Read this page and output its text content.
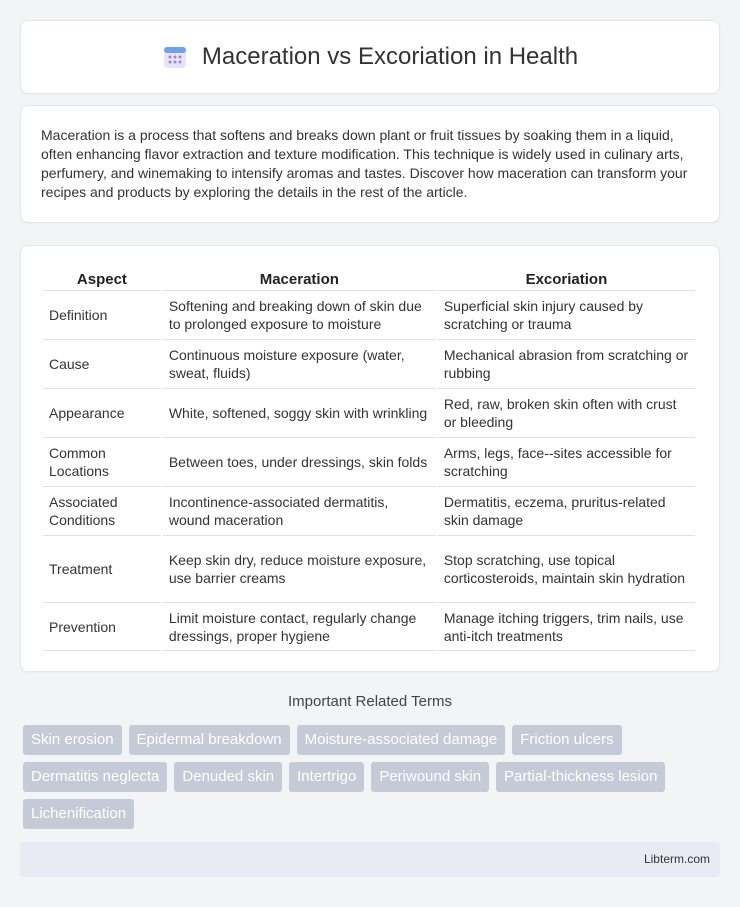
Maceration vs Excoriation in Health

Maceration is a process that softens and breaks down plant or fruit tissues by soaking them in a liquid, often enhancing flavor extraction and texture modification. This technique is widely used in culinary arts, perfumery, and winemaking to intensify aromas and tastes. Discover how maceration can transform your recipes and products by exploring the details in the rest of the article.

Aspect	Maceration	Excoriation
Definition	Softening and breaking down of skin due to prolonged exposure to moisture	Superficial skin injury caused by scratching or trauma
Cause	Continuous moisture exposure (water, sweat, fluids)	Mechanical abrasion from scratching or rubbing
Appearance	White, softened, soggy skin with wrinkling	Red, raw, broken skin often with crust or bleeding
Common Locations	Between toes, under dressings, skin folds	Arms, legs, face--sites accessible for scratching
Associated Conditions	Incontinence-associated dermatitis, wound maceration	Dermatitis, eczema, pruritus-related skin damage
Treatment	Keep skin dry, reduce moisture exposure, use barrier creams	Stop scratching, use topical corticosteroids, maintain skin hydration
Prevention	Limit moisture contact, regularly change dressings, proper hygiene	Manage itching triggers, trim nails, use anti-itch treatments
Important Related Terms
Skin erosion	Epidermal breakdown	Moisture-associated damage	Friction ulcers
Dermatitis neglecta	Denuded skin	Intertrigo	Periwound skin	Partial-thickness lesion
Lichenification
Libterm.com
